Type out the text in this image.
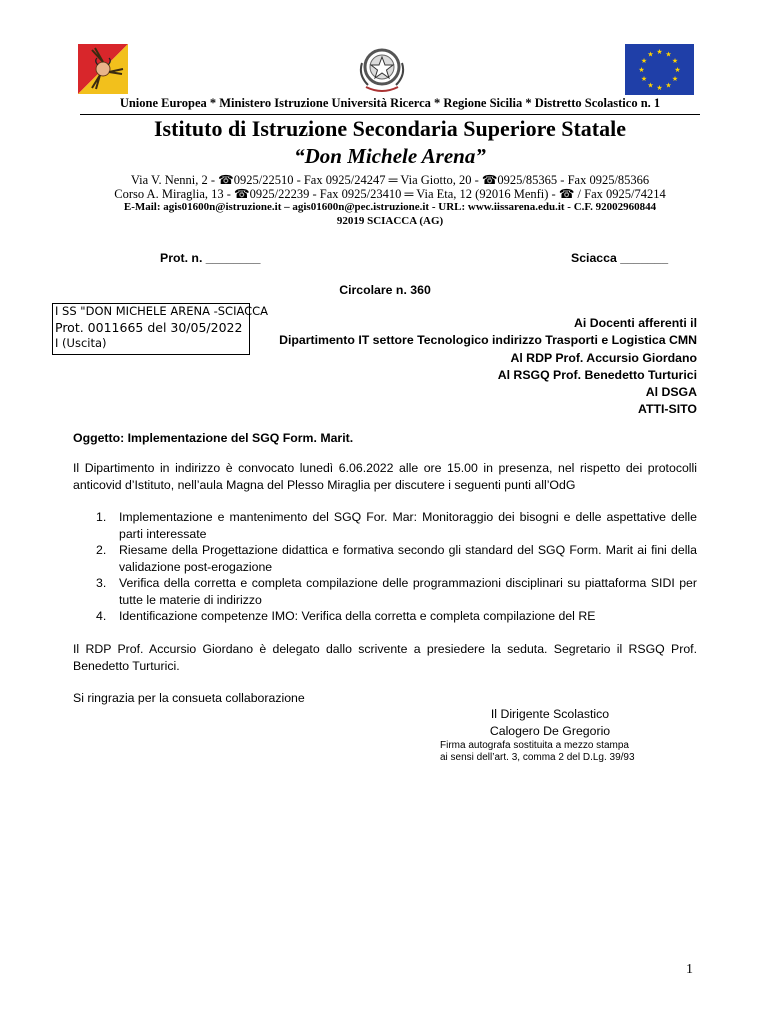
★ ★
★
★
★
★
★
★
★
★
★
★
Unione Europea * Ministero Istruzione Università Ricerca * Regione Sicilia * Distretto Scolastico n. 1
Istituto di Istruzione Secondaria Superiore Statale
“Don Michele Arena”
Via V. Nenni, 2 - ☎0925/22510 - Fax 0925/24247 ═ Via Giotto, 20 - ☎0925/85365 - Fax 0925/85366
Corso A. Miraglia, 13 - ☎0925/22239 - Fax 0925/23410 ═ Via Eta, 12 (92016 Menfi) - ☎ / Fax 0925/74214
E-Mail: agis01600n@istruzione.it – agis01600n@pec.istruzione.it - URL: www.iissarena.edu.it - C.F. 92002960844
92019 SCIACCA (AG)
Prot. n. ________	Sciacca _______
Circolare n. 360
I SS "DON MICHELE ARENA -SCIACCA
Prot. 0011665 del 30/05/2022
I (Uscita)
Ai Docenti afferenti il
Dipartimento IT settore Tecnologico indirizzo Trasporti e Logistica CMN
Al RDP Prof. Accursio Giordano
Al RSGQ Prof. Benedetto Turturici
Al DSGA
ATTI-SITO
Oggetto: Implementazione del SGQ Form. Marit.
Il Dipartimento in indirizzo è convocato lunedì 6.06.2022 alle ore 15.00 in presenza, nel rispetto dei protocolli anticovid d’Istituto, nell’aula Magna del Plesso Miraglia per discutere i seguenti punti all’OdG
1. Implementazione e mantenimento del SGQ For. Mar: Monitoraggio dei bisogni e delle aspettative delle parti interessate
2. Riesame della Progettazione didattica e formativa secondo gli standard del SGQ Form. Marit ai fini della validazione post-erogazione
3. Verifica della corretta e completa compilazione delle programmazioni disciplinari su piattaforma SIDI per tutte le materie di indirizzo
4. Identificazione competenze IMO: Verifica della corretta e completa compilazione del RE
Il RDP Prof. Accursio Giordano è delegato dallo scrivente a presiedere la seduta. Segretario il RSGQ Prof. Benedetto Turturici.
Si ringrazia per la consueta collaborazione
Il Dirigente Scolastico
Calogero De Gregorio
Firma autografa sostituita a mezzo stampa
ai sensi dell’art. 3, comma 2 del D.Lg. 39/93
1
